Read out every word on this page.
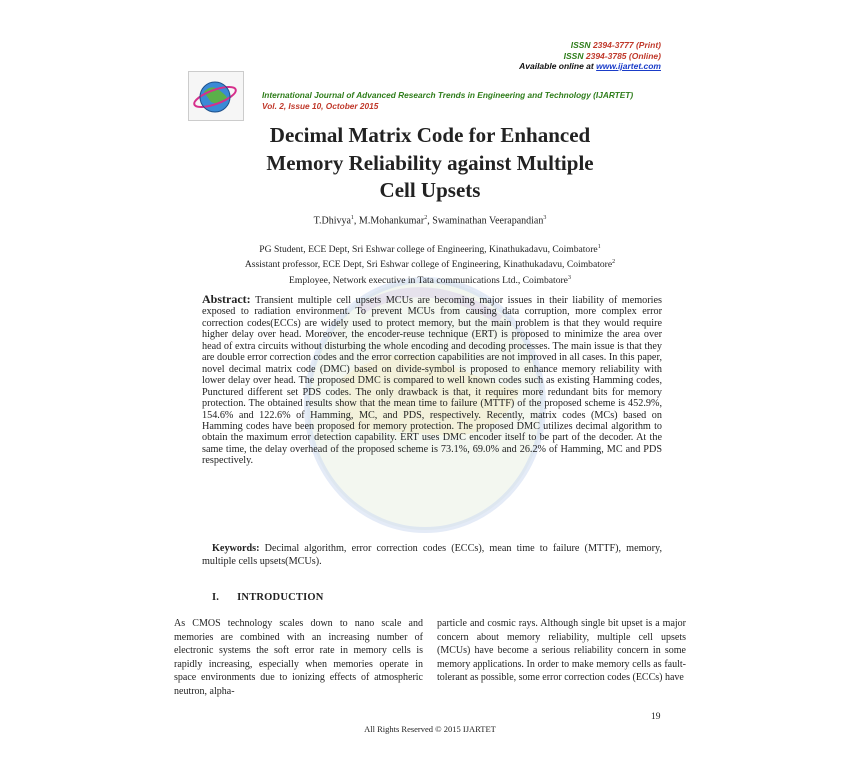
ISSN 2394-3777 (Print)
ISSN 2394-3785 (Online)
Available online at www.ijartet.com
International Journal of Advanced Research Trends in Engineering and Technology (IJARTET)
Vol. 2, Issue 10, October 2015
Decimal Matrix Code for Enhanced
Memory Reliability against Multiple
Cell Upsets
T.Dhivya$^1$, M.Mohankumar$^2$, Swaminathan Veerapandian$^3$
PG Student, ECE Dept, Sri Eshwar college of Engineering, Kinathukadavu, Coimbatore$^1$
Assistant professor, ECE Dept, Sri Eshwar college of Engineering, Kinathukadavu, Coimbatore$^2$
Employee, Network executive in Tata communications Ltd., Coimbatore$^3$
Abstract: Transient multiple cell upsets MCUs are becoming major issues in their liability of memories exposed to radiation environment. To prevent MCUs from causing data corruption, more complex error correction codes(ECCs) are widely used to protect memory, but the main problem is that they would require higher delay over head. Moreover, the encoder-reuse technique (ERT) is proposed to minimize the area over head of extra circuits without disturbing the whole encoding and decoding processes. The main issue is that they are double error correction codes and the error correction capabilities are not improved in all cases. In this paper, novel decimal matrix code (DMC) based on divide-symbol is proposed to enhance memory reliability with lower delay over head. The proposed DMC is compared to well known codes such as existing Hamming codes, Punctured different set PDS codes. The only drawback is that, it requires more redundant bits for memory protection. The obtained results show that the mean time to failure (MTTF) of the proposed scheme is 452.9%, 154.6% and 122.6% of Hamming, MC, and PDS, respectively. Recently, matrix codes (MCs) based on Hamming codes have been proposed for memory protection. The proposed DMC utilizes decimal algorithm to obtain the maximum error detection capability. ERT uses DMC encoder itself to be part of the decoder. At the same time, the delay overhead of the proposed scheme is 73.1%, 69.0% and 26.2% of Hamming, MC and PDS respectively.
Keywords: Decimal algorithm, error correction codes (ECCs), mean time to failure (MTTF), memory, multiple cells upsets(MCUs).
I. INTRODUCTION
As CMOS technology scales down to nano scale and memories are combined with an increasing number of electronic systems the soft error rate in memory cells is rapidly increasing, especially when memories operate in space environments due to ionizing effects of atmospheric neutron, alpha-
particle and cosmic rays. Although single bit upset is a major concern about memory reliability, multiple cell upsets (MCUs) have become a serious reliability concern in some memory applications. In order to make memory cells as fault-tolerant as possible, some error correction codes (ECCs) have
19
All Rights Reserved © 2015 IJARTET
